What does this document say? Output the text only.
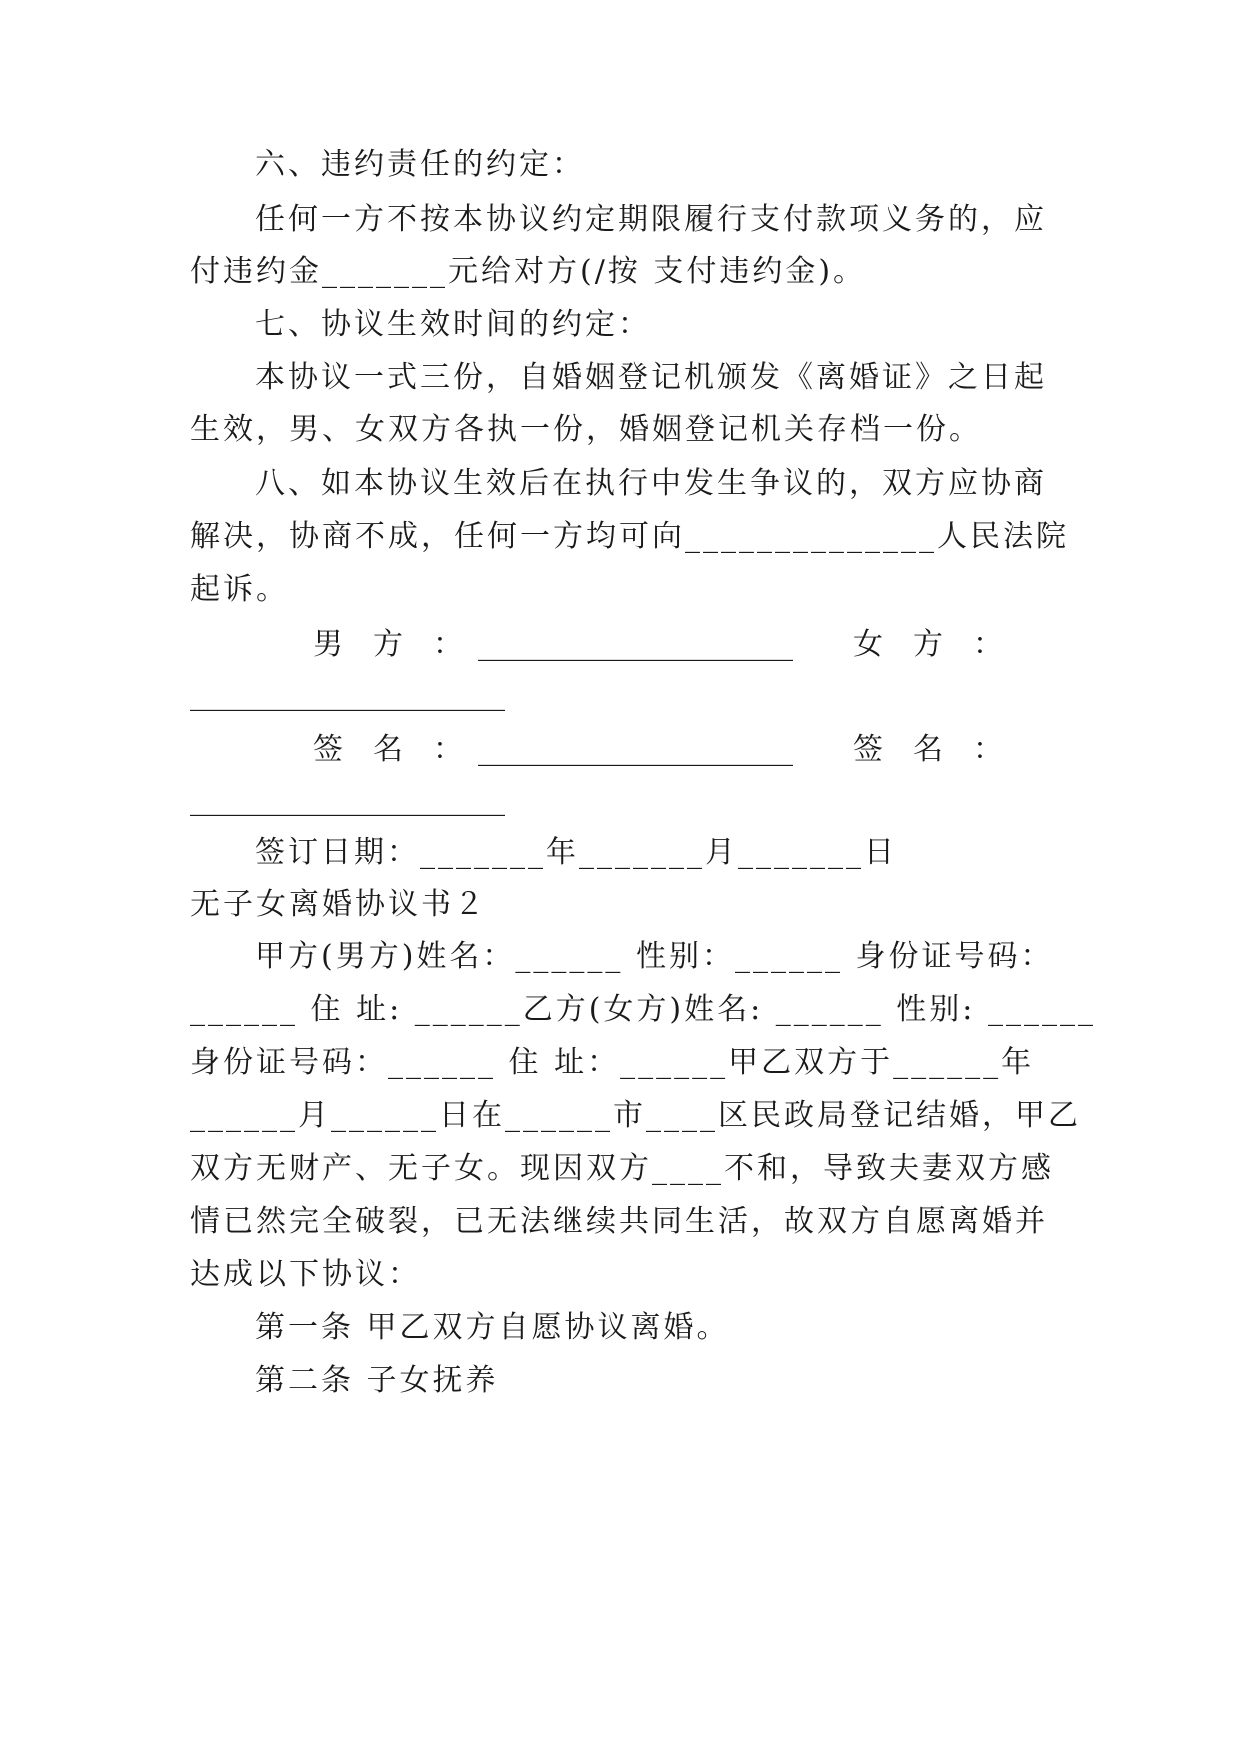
六、违约责任的约定：
任何一方不按本协议约定期限履行支付款项义务的，应
付违约金_______元给对方(/按 支付违约金)。
七、协议生效时间的约定：
本协议一式三份，自婚姻登记机颁发《离婚证》之日起
生效，男、女双方各执一份，婚姻登记机关存档一份。
八、如本协议生效后在执行中发生争议的，双方应协商
解决，协商不成，任何一方均可向______________人民法院
起诉。
男　方　：　_____________________　　女　方　：
_____________________
签　名　：　_____________________　　签　名　：
_____________________
签订日期：_______年_______月_______日
无子女离婚协议书２
甲方(男方)姓名：______ 性别：______ 身份证号码：
______ 住 址: ______乙方(女方)姓名: ______ 性别: ______
身份证号码：______ 住 址：______甲乙双方于______年
______月______日在______市____区民政局登记结婚，甲乙
双方无财产、无子女。现因双方____不和，导致夫妻双方感
情已然完全破裂，已无法继续共同生活，故双方自愿离婚并
达成以下协议：
第一条 甲乙双方自愿协议离婚。
第二条 子女抚养
